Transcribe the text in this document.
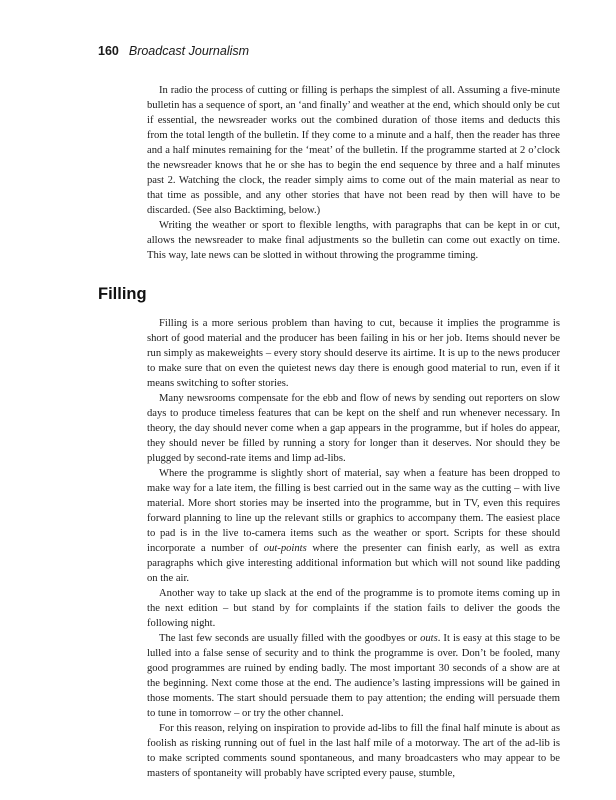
160 Broadcast Journalism

In radio the process of cutting or filling is perhaps the simplest of all. Assuming a five-minute bulletin has a sequence of sport, an ‘and finally’ and weather at the end, which should only be cut if essential, the newsreader works out the combined duration of those items and deducts this from the total length of the bulletin. If they come to a minute and a half, then the reader has three and a half minutes remaining for the ‘meat’ of the bulletin. If the programme started at 2 o’clock the newsreader knows that he or she has to begin the end sequence by three and a half minutes past 2. Watching the clock, the reader simply aims to come out of the main material as near to that time as possible, and any other stories that have not been read by then will have to be discarded. (See also Backtiming, below.)

Writing the weather or sport to flexible lengths, with paragraphs that can be kept in or cut, allows the newsreader to make final adjustments so the bulletin can come out exactly on time. This way, late news can be slotted in without throwing the programme timing.

Filling

Filling is a more serious problem than having to cut, because it implies the programme is short of good material and the producer has been failing in his or her job. Items should never be run simply as makeweights – every story should deserve its airtime. It is up to the news producer to make sure that on even the quietest news day there is enough good material to run, even if it means switching to softer stories.

Many newsrooms compensate for the ebb and flow of news by sending out reporters on slow days to produce timeless features that can be kept on the shelf and run whenever necessary. In theory, the day should never come when a gap appears in the programme, but if holes do appear, they should never be filled by running a story for longer than it deserves. Nor should they be plugged by second-rate items and limp ad-libs.

Where the programme is slightly short of material, say when a feature has been dropped to make way for a late item, the filling is best carried out in the same way as the cutting – with live material. More short stories may be inserted into the programme, but in TV, even this requires forward planning to line up the relevant stills or graphics to accompany them. The easiest place to pad is in the live to-camera items such as the weather or sport. Scripts for these should incorporate a number of out-points where the presenter can finish early, as well as extra paragraphs which give interesting additional information but which will not sound like padding on the air.

Another way to take up slack at the end of the programme is to promote items coming up in the next edition – but stand by for complaints if the station fails to deliver the goods the following night.

The last few seconds are usually filled with the goodbyes or outs. It is easy at this stage to be lulled into a false sense of security and to think the programme is over. Don’t be fooled, many good programmes are ruined by ending badly. The most important 30 seconds of a show are at the beginning. Next come those at the end. The audience’s lasting impressions will be gained in those moments. The start should persuade them to pay attention; the ending will persuade them to tune in tomorrow – or try the other channel.

For this reason, relying on inspiration to provide ad-libs to fill the final half minute is about as foolish as risking running out of fuel in the last half mile of a motorway. The art of the ad-lib is to make scripted comments sound spontaneous, and many broadcasters who may appear to be masters of spontaneity will probably have scripted every pause, stumble,
